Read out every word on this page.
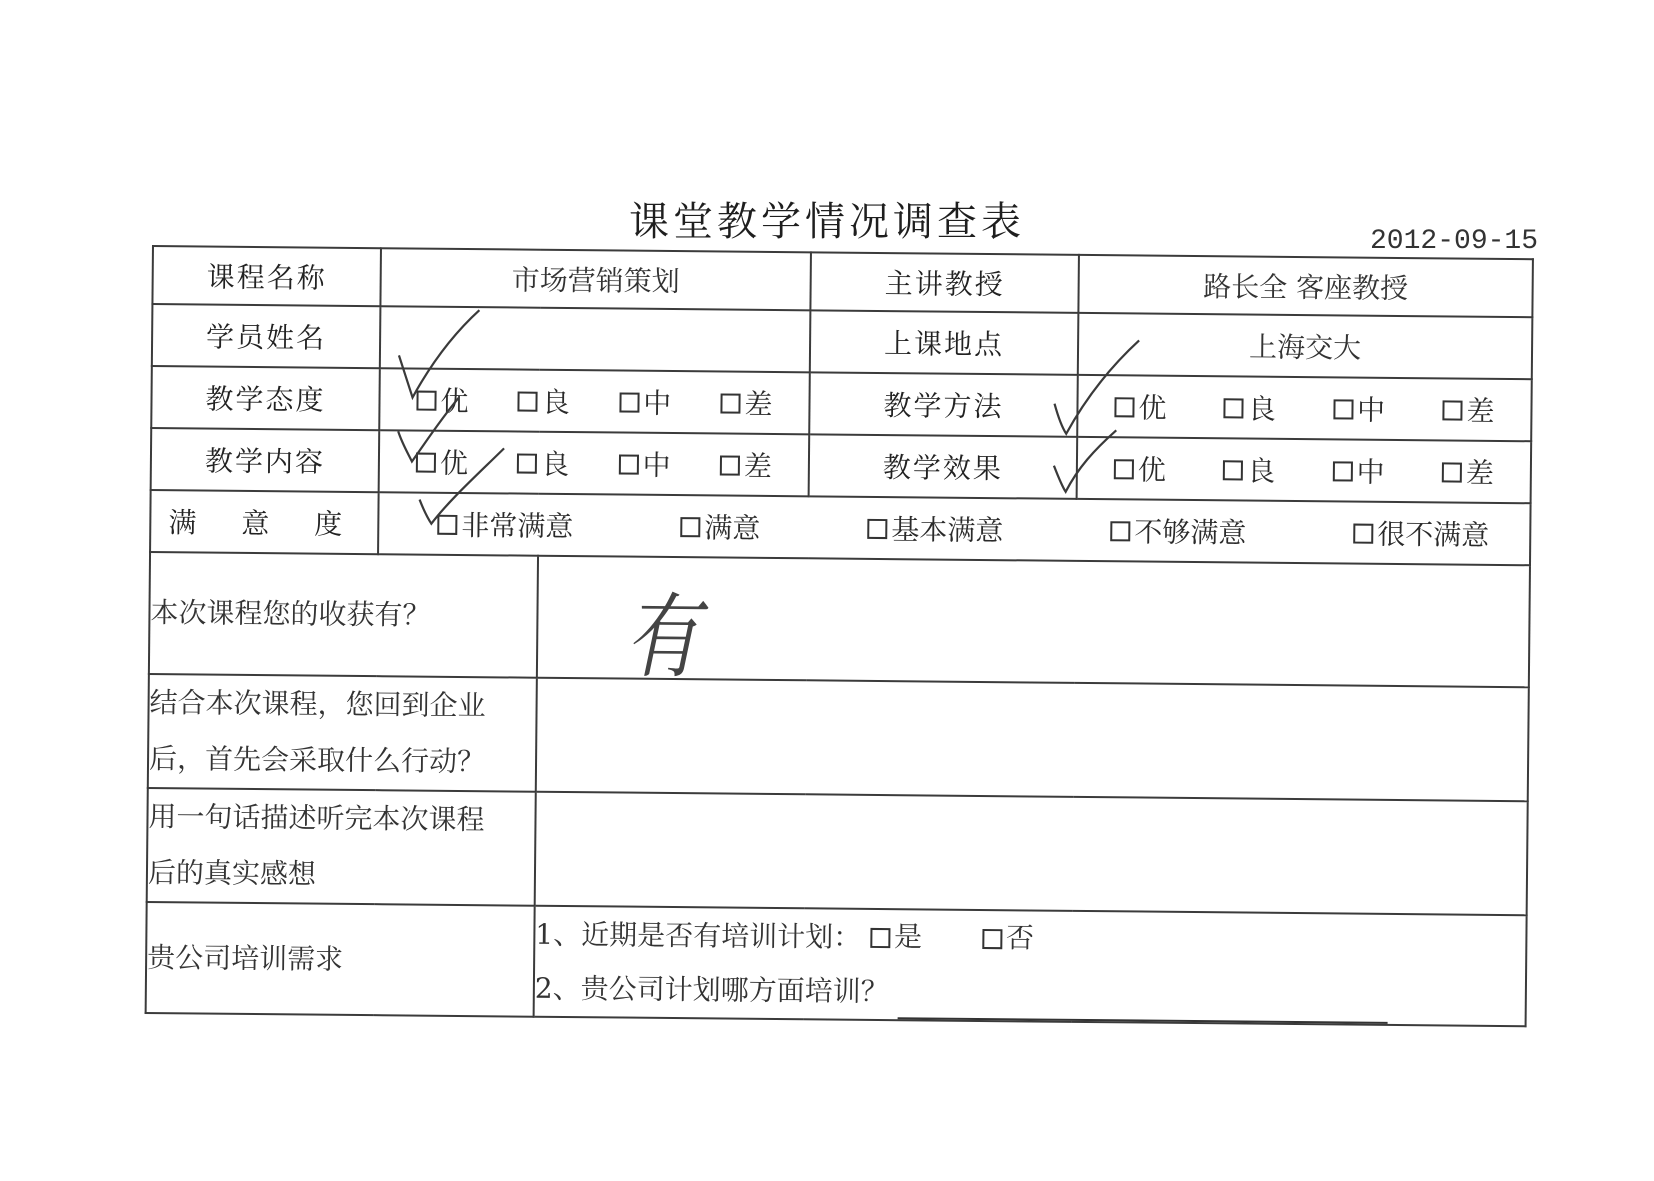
课堂教学情况调查表	2012-09-15
课程名称	市场营销策划		主讲教授	路长全 客座教授
学员姓名			上课地点	上海交大
教学态度	优 良 中 差		教学方法	优 良 中 差

教学内容	优 良 中 差		教学效果	优 良 中 差

满 意 度	非常满意 满意 基本满意 不够满意 很不满意			

本次课程您的收获有？		有		

结合本次课程，您回到企业
后，首先会采取什么行动？				

用一句话描述听完本次课程
后的真实感想				

贵公司培训需求		1、近期是否有培训计划： 是
否
2、贵公司计划哪方面培训？		
